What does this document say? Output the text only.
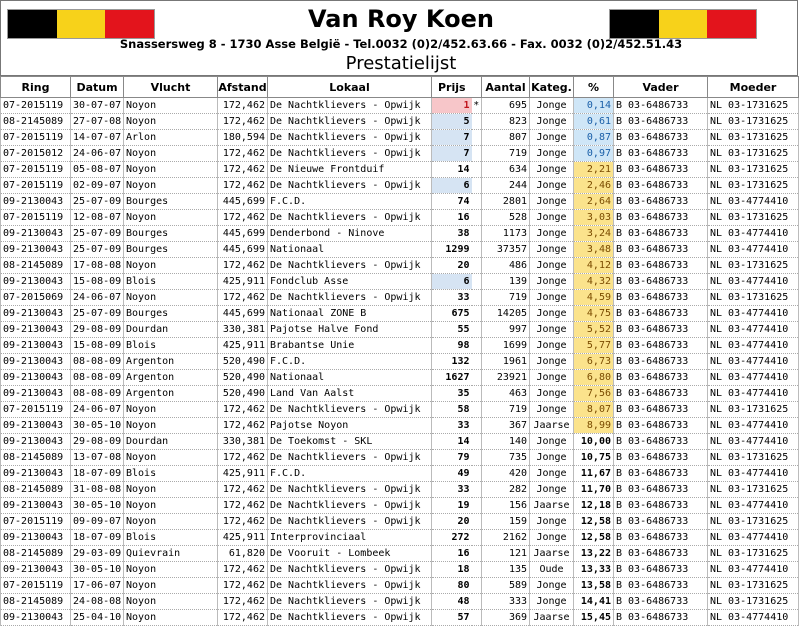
Van Roy Koen
Snassersweg 8 - 1730 Asse België - Tel.0032 (0)2/452.63.66 - Fax. 0032 (0)2/452.51.43
Prestatielijst
Ring	Datum	Vlucht	Afstand	Lokaal	Prijs		Aantal	Kateg.	%	Vader	Moeder
07-2015119	30-07-07	Noyon	172,462	De Nachtklievers - Opwijk	1	*	695	Jonge	0,14	B 03-6486733	NL 03-1731625
08-2145089	27-07-08	Noyon	172,462	De Nachtklievers - Opwijk	5		823	Jonge	0,61	B 03-6486733	NL 03-1731625
07-2015119	14-07-07	Arlon	180,594	De Nachtklievers - Opwijk	7		807	Jonge	0,87	B 03-6486733	NL 03-1731625
07-2015012	24-06-07	Noyon	172,462	De Nachtklievers - Opwijk	7		719	Jonge	0,97	B 03-6486733	NL 03-1731625
07-2015119	05-08-07	Noyon	172,462	De Nieuwe Frontduif	14		634	Jonge	2,21	B 03-6486733	NL 03-1731625
07-2015119	02-09-07	Noyon	172,462	De Nachtklievers - Opwijk	6		244	Jonge	2,46	B 03-6486733	NL 03-1731625
09-2130043	25-07-09	Bourges	445,699	F.C.D.	74		2801	Jonge	2,64	B 03-6486733	NL 03-4774410
07-2015119	12-08-07	Noyon	172,462	De Nachtklievers - Opwijk	16		528	Jonge	3,03	B 03-6486733	NL 03-1731625
09-2130043	25-07-09	Bourges	445,699	Denderbond - Ninove	38		1173	Jonge	3,24	B 03-6486733	NL 03-4774410
09-2130043	25-07-09	Bourges	445,699	Nationaal	1299		37357	Jonge	3,48	B 03-6486733	NL 03-4774410
08-2145089	17-08-08	Noyon	172,462	De Nachtklievers - Opwijk	20		486	Jonge	4,12	B 03-6486733	NL 03-1731625
09-2130043	15-08-09	Blois	425,911	Fondclub Asse	6		139	Jonge	4,32	B 03-6486733	NL 03-4774410
07-2015069	24-06-07	Noyon	172,462	De Nachtklievers - Opwijk	33		719	Jonge	4,59	B 03-6486733	NL 03-1731625
09-2130043	25-07-09	Bourges	445,699	Nationaal ZONE B	675		14205	Jonge	4,75	B 03-6486733	NL 03-4774410
09-2130043	29-08-09	Dourdan	330,381	Pajotse Halve Fond	55		997	Jonge	5,52	B 03-6486733	NL 03-4774410
09-2130043	15-08-09	Blois	425,911	Brabantse Unie	98		1699	Jonge	5,77	B 03-6486733	NL 03-4774410
09-2130043	08-08-09	Argenton	520,490	F.C.D.	132		1961	Jonge	6,73	B 03-6486733	NL 03-4774410
09-2130043	08-08-09	Argenton	520,490	Nationaal	1627		23921	Jonge	6,80	B 03-6486733	NL 03-4774410
09-2130043	08-08-09	Argenton	520,490	Land Van Aalst	35		463	Jonge	7,56	B 03-6486733	NL 03-4774410
07-2015119	24-06-07	Noyon	172,462	De Nachtklievers - Opwijk	58		719	Jonge	8,07	B 03-6486733	NL 03-1731625
09-2130043	30-05-10	Noyon	172,462	Pajotse Noyon	33		367	Jaarse	8,99	B 03-6486733	NL 03-4774410
09-2130043	29-08-09	Dourdan	330,381	De Toekomst - SKL	14		140	Jonge	10,00	B 03-6486733	NL 03-4774410
08-2145089	13-07-08	Noyon	172,462	De Nachtklievers - Opwijk	79		735	Jonge	10,75	B 03-6486733	NL 03-1731625
09-2130043	18-07-09	Blois	425,911	F.C.D.	49		420	Jonge	11,67	B 03-6486733	NL 03-4774410
08-2145089	31-08-08	Noyon	172,462	De Nachtklievers - Opwijk	33		282	Jonge	11,70	B 03-6486733	NL 03-1731625
09-2130043	30-05-10	Noyon	172,462	De Nachtklievers - Opwijk	19		156	Jaarse	12,18	B 03-6486733	NL 03-4774410
07-2015119	09-09-07	Noyon	172,462	De Nachtklievers - Opwijk	20		159	Jonge	12,58	B 03-6486733	NL 03-1731625
09-2130043	18-07-09	Blois	425,911	Interprovinciaal	272		2162	Jonge	12,58	B 03-6486733	NL 03-4774410
08-2145089	29-03-09	Quievrain	61,820	De Vooruit - Lombeek	16		121	Jaarse	13,22	B 03-6486733	NL 03-1731625
09-2130043	30-05-10	Noyon	172,462	De Nachtklievers - Opwijk	18		135	Oude	13,33	B 03-6486733	NL 03-4774410
07-2015119	17-06-07	Noyon	172,462	De Nachtklievers - Opwijk	80		589	Jonge	13,58	B 03-6486733	NL 03-1731625
08-2145089	24-08-08	Noyon	172,462	De Nachtklievers - Opwijk	48		333	Jonge	14,41	B 03-6486733	NL 03-1731625
09-2130043	25-04-10	Noyon	172,462	De Nachtklievers - Opwijk	57		369	Jaarse	15,45	B 03-6486733	NL 03-4774410
